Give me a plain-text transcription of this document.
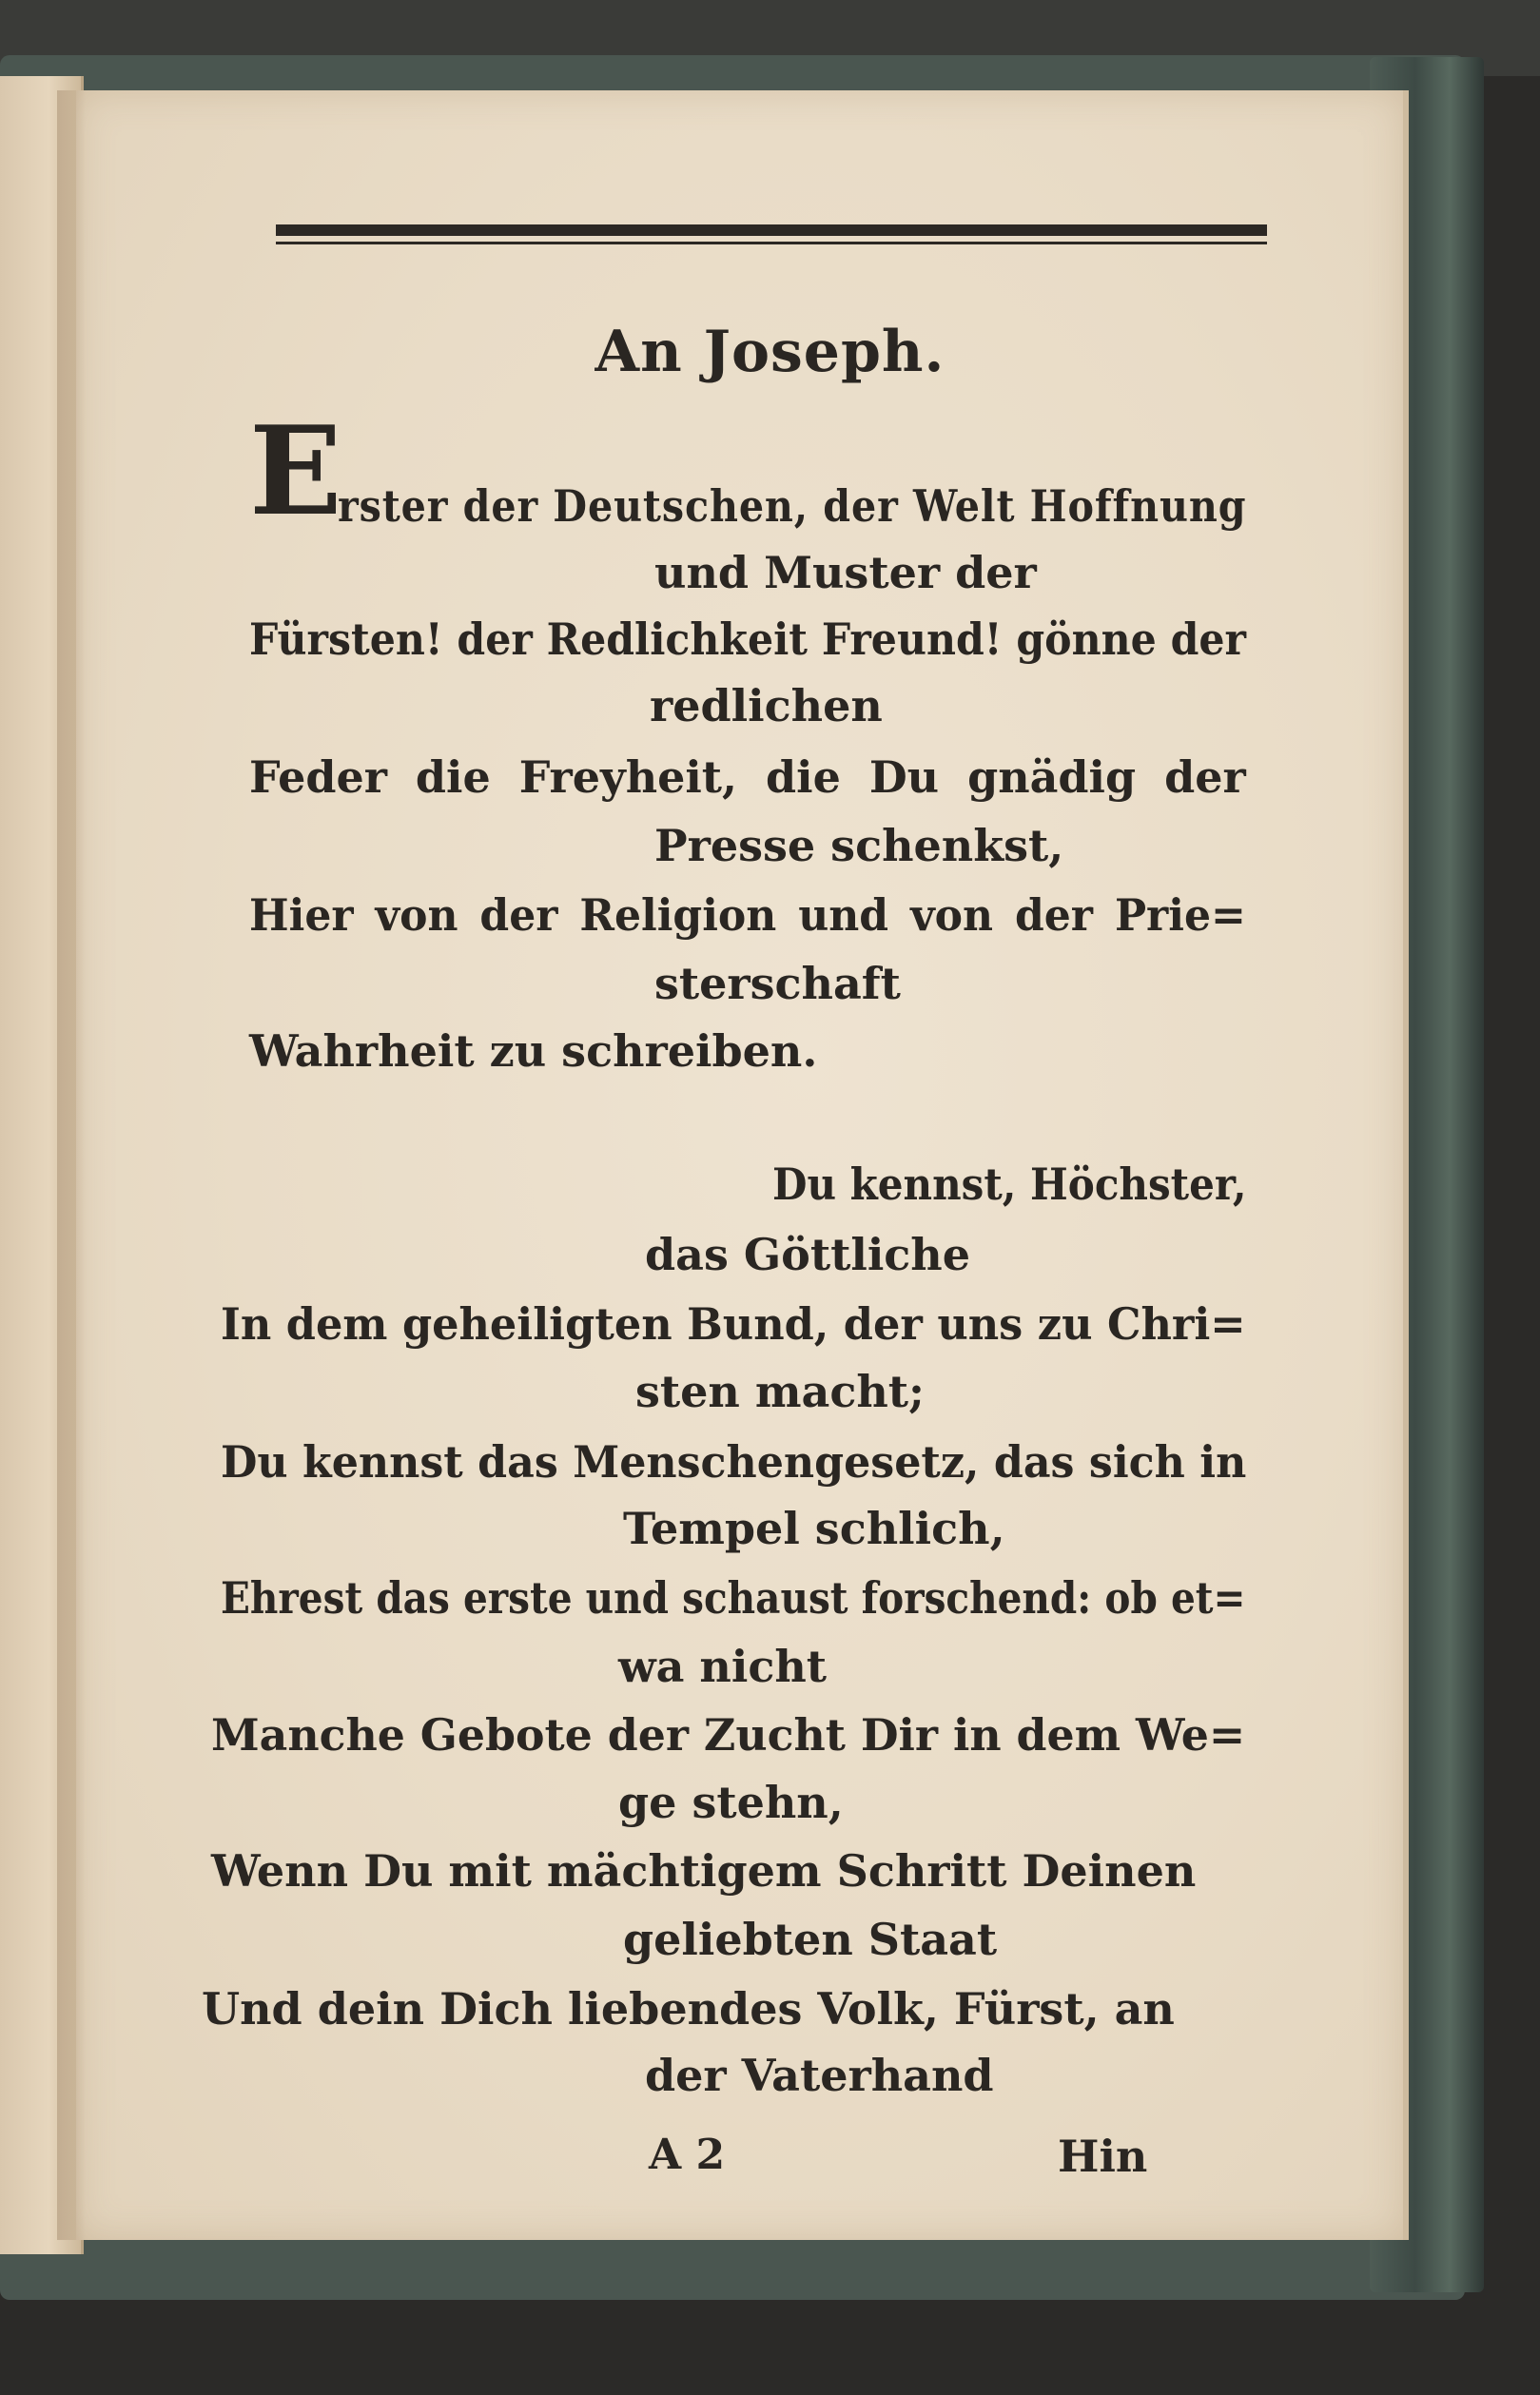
An Joseph.
E
rster der Deutschen, der Welt Hoffnung
und Muster der
Fürsten! der Redlichkeit Freund! gönne der
redlichen
Feder die Freyheit, die Du gnädig der
Presse schenkst,
Hier von der Religion und von der Prie=
sterschaft
Wahrheit zu schreiben.
Du kennst, Höchster,
das Göttliche
In dem geheiligten Bund, der uns zu Chri=
sten macht;
Du kennst das Menschengesetz, das sich in
Tempel schlich,
Ehrest das erste und schaust forschend: ob et=
wa nicht
Manche Gebote der Zucht Dir in dem We=
ge stehn,
Wenn Du mit mächtigem Schritt Deinen
geliebten Staat
Und dein Dich liebendes Volk, Fürst, an
der Vaterhand
A 2	Hin
